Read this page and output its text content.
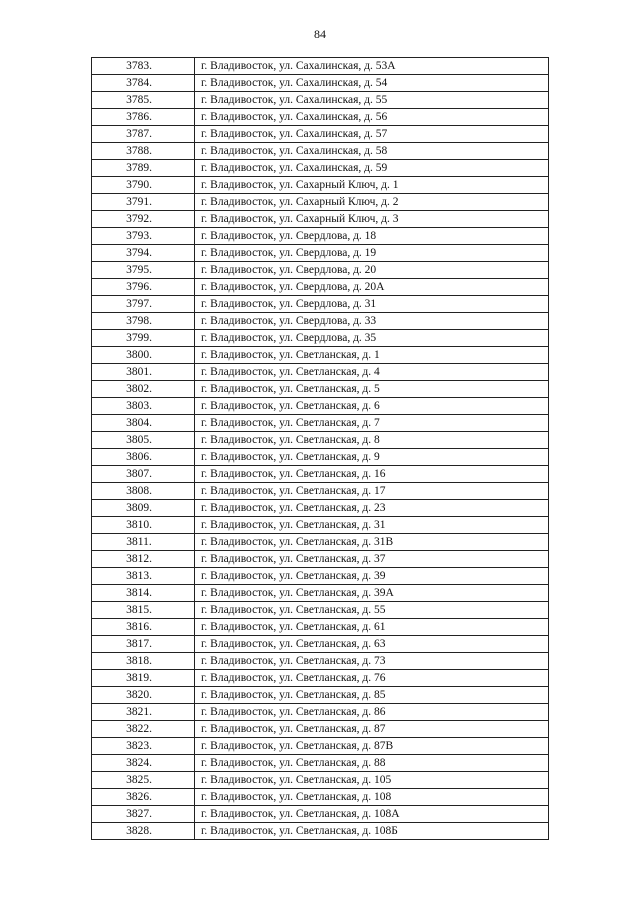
84
3783.	г. Владивосток, ул. Сахалинская, д. 53А
3784.	г. Владивосток, ул. Сахалинская, д. 54
3785.	г. Владивосток, ул. Сахалинская, д. 55
3786.	г. Владивосток, ул. Сахалинская, д. 56
3787.	г. Владивосток, ул. Сахалинская, д. 57
3788.	г. Владивосток, ул. Сахалинская, д. 58
3789.	г. Владивосток, ул. Сахалинская, д. 59
3790.	г. Владивосток, ул. Сахарный Ключ, д. 1
3791.	г. Владивосток, ул. Сахарный Ключ, д. 2
3792.	г. Владивосток, ул. Сахарный Ключ, д. 3
3793.	г. Владивосток, ул. Свердлова, д. 18
3794.	г. Владивосток, ул. Свердлова, д. 19
3795.	г. Владивосток, ул. Свердлова, д. 20
3796.	г. Владивосток, ул. Свердлова, д. 20А
3797.	г. Владивосток, ул. Свердлова, д. 31
3798.	г. Владивосток, ул. Свердлова, д. 33
3799.	г. Владивосток, ул. Свердлова, д. 35
3800.	г. Владивосток, ул. Светланская, д. 1
3801.	г. Владивосток, ул. Светланская, д. 4
3802.	г. Владивосток, ул. Светланская, д. 5
3803.	г. Владивосток, ул. Светланская, д. 6
3804.	г. Владивосток, ул. Светланская, д. 7
3805.	г. Владивосток, ул. Светланская, д. 8
3806.	г. Владивосток, ул. Светланская, д. 9
3807.	г. Владивосток, ул. Светланская, д. 16
3808.	г. Владивосток, ул. Светланская, д. 17
3809.	г. Владивосток, ул. Светланская, д. 23
3810.	г. Владивосток, ул. Светланская, д. 31
3811.	г. Владивосток, ул. Светланская, д. 31В
3812.	г. Владивосток, ул. Светланская, д. 37
3813.	г. Владивосток, ул. Светланская, д. 39
3814.	г. Владивосток, ул. Светланская, д. 39А
3815.	г. Владивосток, ул. Светланская, д. 55
3816.	г. Владивосток, ул. Светланская, д. 61
3817.	г. Владивосток, ул. Светланская, д. 63
3818.	г. Владивосток, ул. Светланская, д. 73
3819.	г. Владивосток, ул. Светланская, д. 76
3820.	г. Владивосток, ул. Светланская, д. 85
3821.	г. Владивосток, ул. Светланская, д. 86
3822.	г. Владивосток, ул. Светланская, д. 87
3823.	г. Владивосток, ул. Светланская, д. 87В
3824.	г. Владивосток, ул. Светланская, д. 88
3825.	г. Владивосток, ул. Светланская, д. 105
3826.	г. Владивосток, ул. Светланская, д. 108
3827.	г. Владивосток, ул. Светланская, д. 108А
3828.	г. Владивосток, ул. Светланская, д. 108Б
